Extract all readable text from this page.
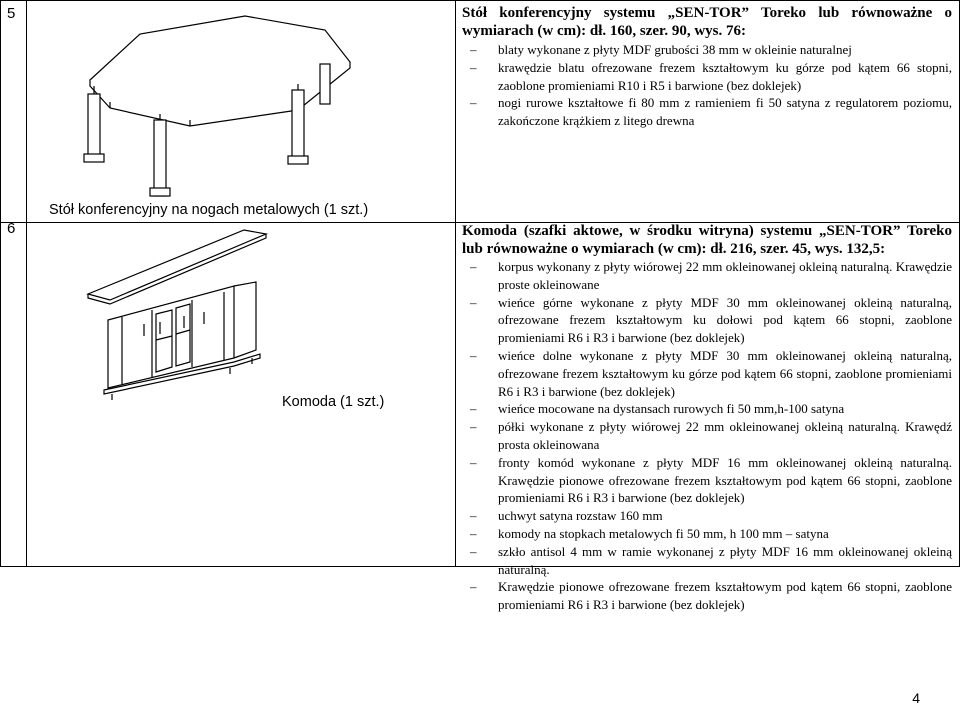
5
Stół konferencyjny na nogach metalowych (1 szt.)
Stół konferencyjny systemu „SEN-TOR” Toreko lub równoważne o wymiarach (w cm): dł. 160, szer. 90, wys. 76:
– blaty wykonane z płyty MDF grubości 38 mm w okleinie naturalnej
– krawędzie blatu ofrezowane frezem kształtowym ku górze pod kątem 66 stopni, zaoblone promieniami R10 i R5 i barwione (bez doklejek)
– nogi rurowe kształtowe fi 80 mm z ramieniem fi 50 satyna z regulatorem poziomu, zakończone krążkiem z litego drewna
6
Komoda (1 szt.)
Komoda (szafki aktowe, w środku witryna) systemu „SEN-TOR” Toreko lub równoważne o wymiarach (w cm): dł. 216, szer. 45, wys. 132,5:
– korpus wykonany z płyty wiórowej 22 mm okleinowanej okleiną naturalną. Krawędzie proste okleinowane
– wieńce górne wykonane z płyty MDF 30 mm okleinowanej okleiną naturalną, ofrezowane frezem kształtowym ku dołowi pod kątem 66 stopni, zaoblone promieniami R6 i R3 i barwione (bez doklejek)
– wieńce dolne wykonane z płyty MDF 30 mm okleinowanej okleiną naturalną, ofrezowane frezem kształtowym ku górze pod kątem 66 stopni, zaoblone promieniami R6 i R3 i barwione (bez doklejek)
– wieńce mocowane na dystansach rurowych fi 50 mm,h-100 satyna
– półki wykonane z płyty wiórowej 22 mm okleinowanej okleiną naturalną. Krawędź prosta okleinowana
– fronty komód wykonane z płyty MDF 16 mm okleinowanej okleiną naturalną. Krawędzie pionowe ofrezowane frezem kształtowym pod kątem 66 stopni, zaoblone promieniami R6 i R3 i barwione (bez doklejek)
– uchwyt satyna rozstaw 160 mm
– komody na stopkach metalowych fi 50 mm, h 100 mm – satyna
– szkło antisol 4 mm w ramie wykonanej z płyty MDF 16 mm okleinowanej okleiną naturalną.
– Krawędzie pionowe ofrezowane frezem kształtowym pod kątem 66 stopni, zaoblone promieniami R6 i R3 i barwione (bez doklejek)
4
